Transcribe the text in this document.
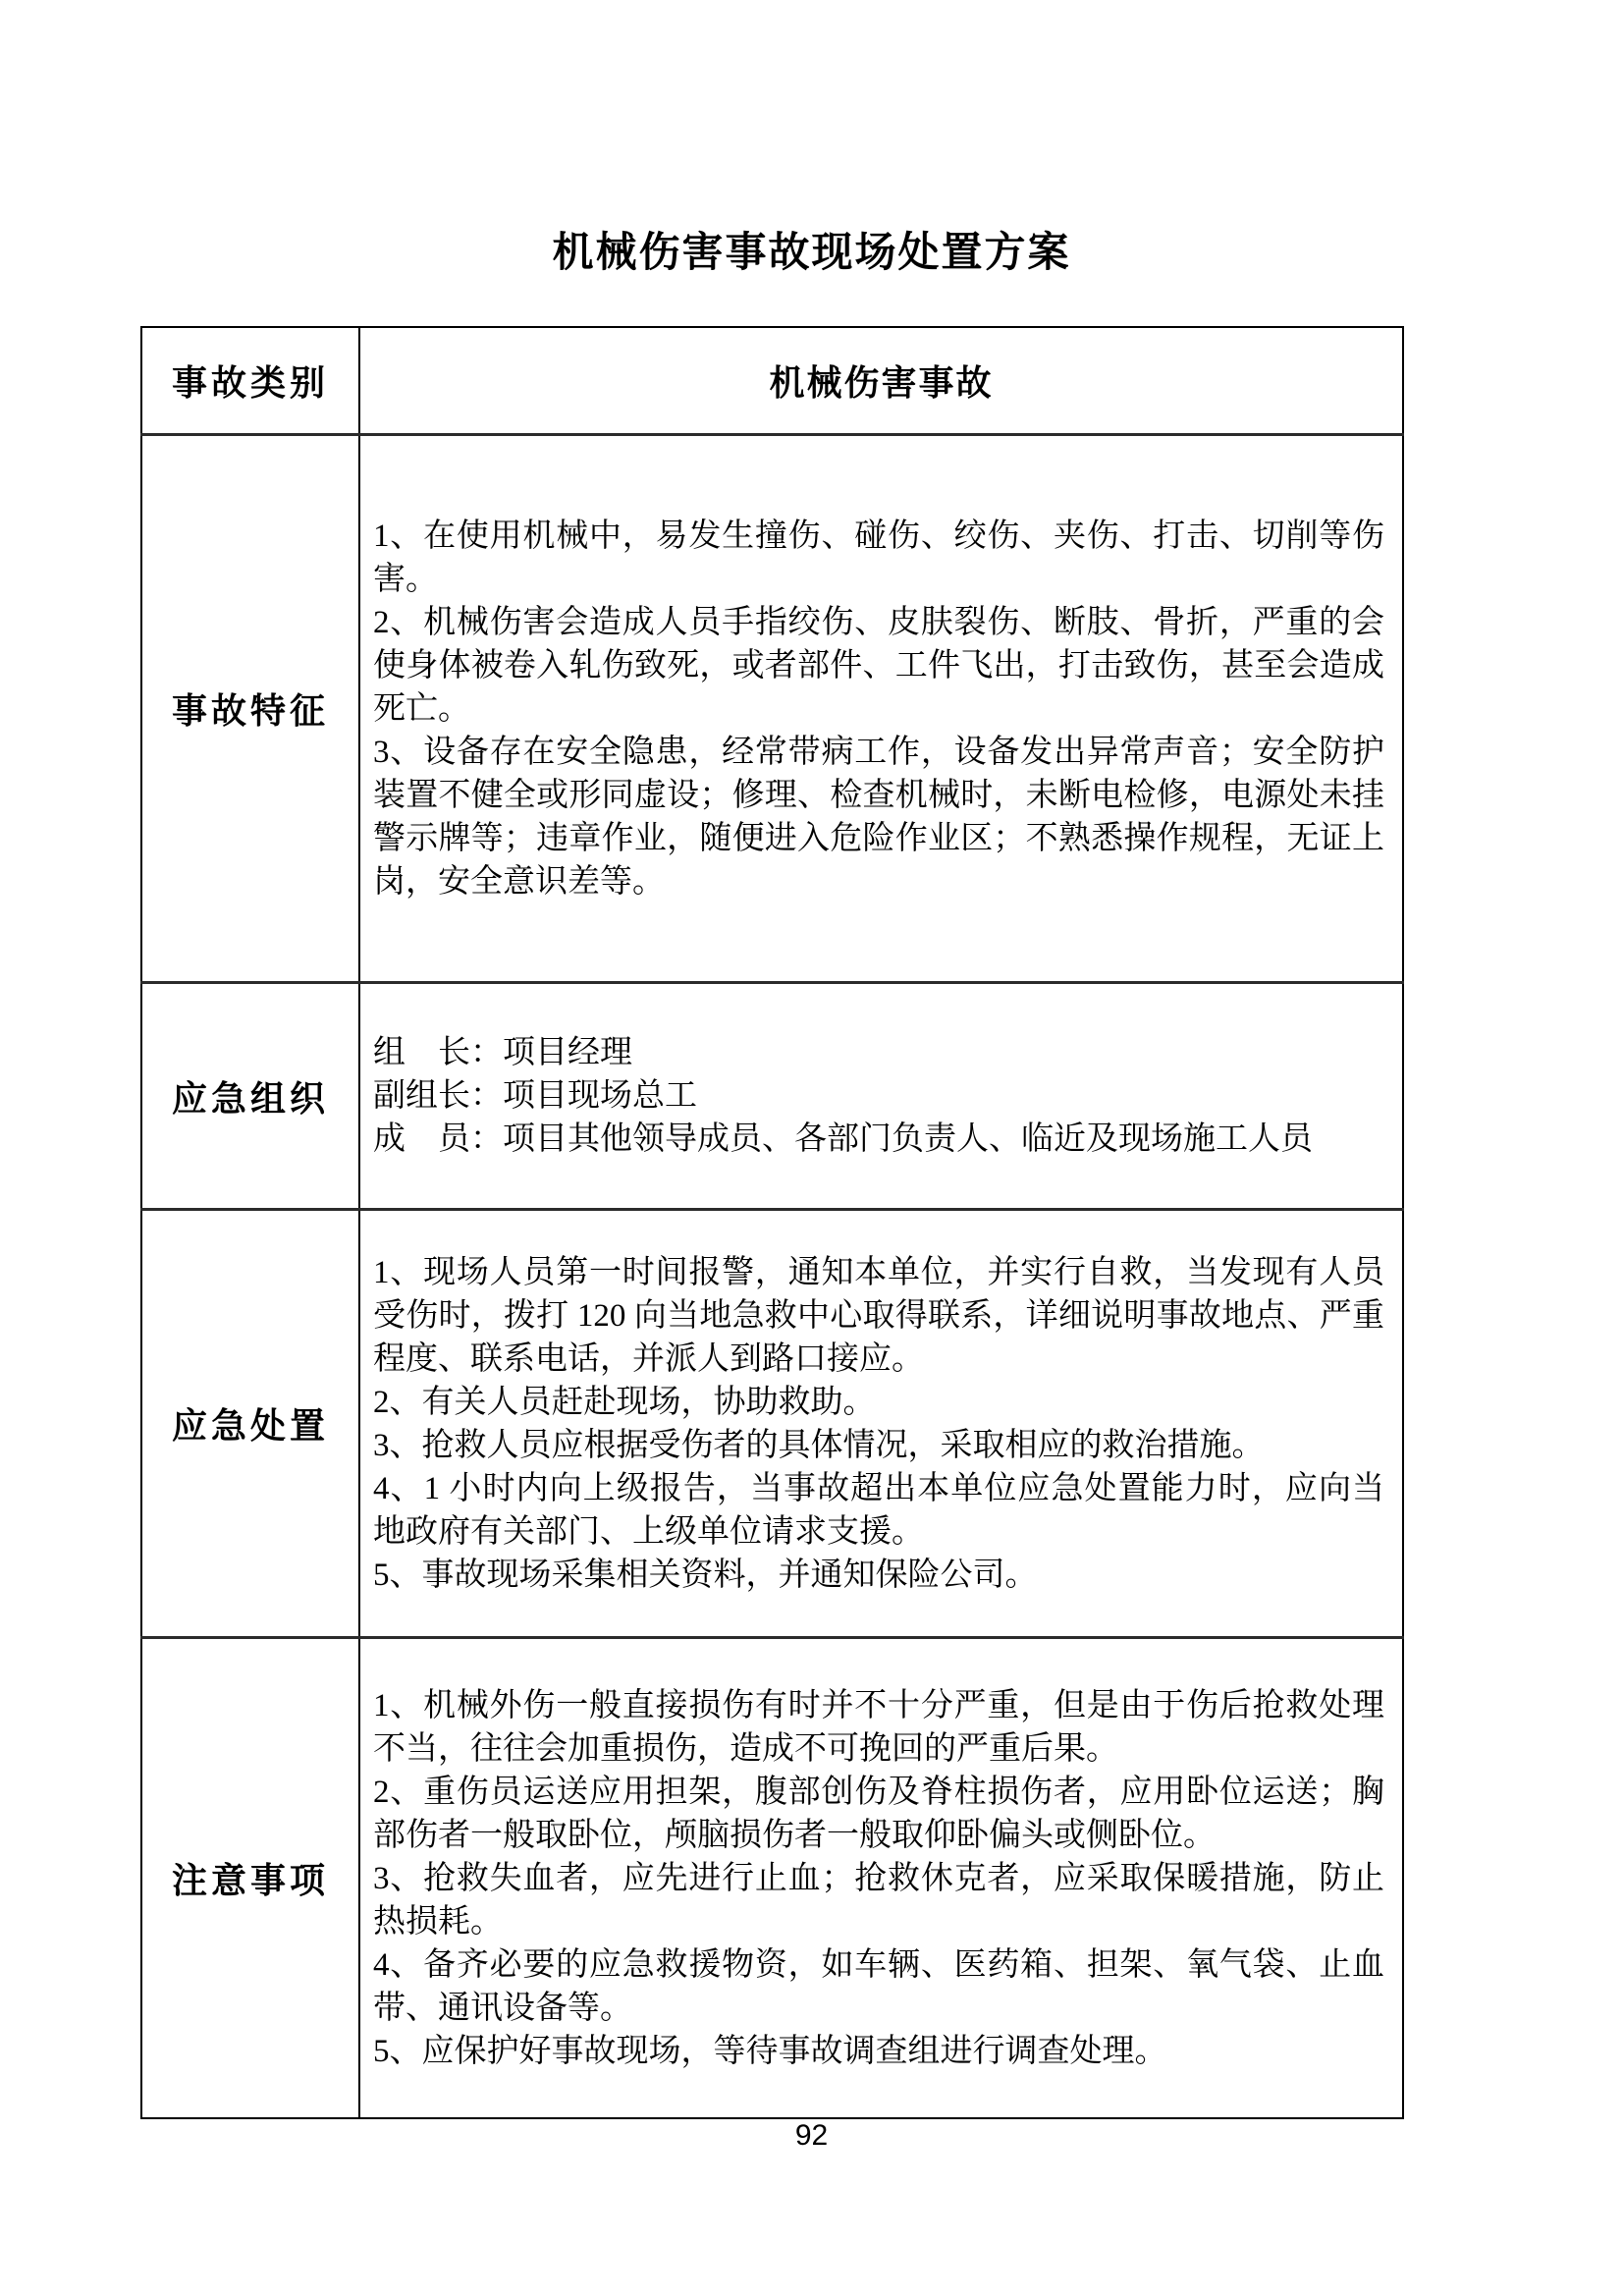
机械伤害事故现场处置方案
事故类别	机械伤害事故
事故特征	1、在使用机械中，易发生撞伤、碰伤、绞伤、夹伤、打击、切削等伤害。

2、机械伤害会造成人员手指绞伤、皮肤裂伤、断肢、骨折，严重的会使身体被卷入轧伤致死，或者部件、工件飞出，打击致伤，甚至会造成死亡。

3、设备存在安全隐患，经常带病工作，设备发出异常声音；安全防护装置不健全或形同虚设；修理、检查机械时，未断电检修，电源处未挂警示牌等；违章作业，随便进入危险作业区；不熟悉操作规程，无证上岗，安全意识差等。

应急组织	组　长：项目经理

副组长：项目现场总工

成　员：项目其他领导成员、各部门负责人、临近及现场施工人员

应急处置	1、现场人员第一时间报警，通知本单位，并实行自救，当发现有人员受伤时，拨打 120 向当地急救中心取得联系，详细说明事故地点、严重程度、联系电话，并派人到路口接应。

2、有关人员赶赴现场，协助救助。

3、抢救人员应根据受伤者的具体情况，采取相应的救治措施。

4、1 小时内向上级报告，当事故超出本单位应急处置能力时，应向当地政府有关部门、上级单位请求支援。

5、事故现场采集相关资料，并通知保险公司。

注意事项	1、机械外伤一般直接损伤有时并不十分严重，但是由于伤后抢救处理不当，往往会加重损伤，造成不可挽回的严重后果。

2、重伤员运送应用担架，腹部创伤及脊柱损伤者，应用卧位运送；胸部伤者一般取卧位，颅脑损伤者一般取仰卧偏头或侧卧位。

3、抢救失血者，应先进行止血；抢救休克者，应采取保暖措施，防止热损耗。

4、备齐必要的应急救援物资，如车辆、医药箱、担架、氧气袋、止血带、通讯设备等。

5、应保护好事故现场，等待事故调查组进行调查处理。

92
